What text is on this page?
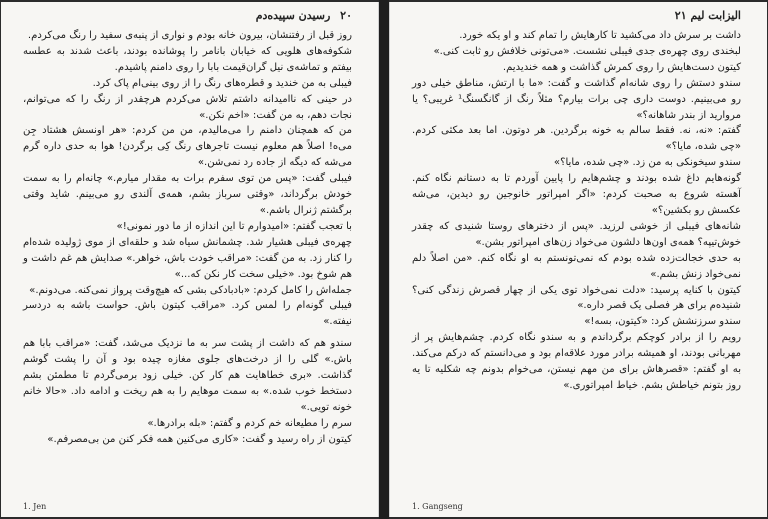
۲۰ رسیدن سپیده‌دم

روز قبل از رفتنشان، بیرون خانه بودم و نواری از پنبه‌ی سفید را رنگ می‌کردم.

شکوفه‌های هلویی که خیابان بانامر را پوشانده بودند، باعث شدند به عطسه بیفتم و تماشه‌ی نیل گران‌قیمت بابا را روی دامنم پاشیدم.

فیبلی به من خندید و قطره‌های رنگ را از روی بینی‌ام پاک کرد.

در حینی که ناامیدانه داشتم تلاش می‌کردم هرچقدر از رنگ را که می‌توانم، نجات دهم، به من گفت: «اخم نکن.»

من که همچنان دامنم را می‌مالیدم، من من کردم: «هر اونسش هشتاد جِن می‌ه! اصلاً هم معلوم نیست تاجرهای رنگ کِی برگردن! هوا به حدی داره گرم می‌شه که دیگه از جاده رد نمی‌شن.»

فیبلی گفت: «پس من توی سفرم برات به مقدار میارم.» چانه‌ام را به سمت خودش برگرداند، «وقتی سرباز بشم، همه‌ی آلندی رو می‌بینم. شاید وقتی برگشتم ژنرال باشم.»

با تعجب گفتم: «امیدوارم تا این اندازه از ما دور نمونی!»

چهره‌ی فیبلی هشیار شد. چشمانش سیاه شد و حلقه‌ای از موی ژولیده شده‌ام را کنار زد. به من گفت: «مراقب خودت باش، خواهر.» صدایش هم غم داشت و هم شوخ بود. «خیلی سخت کار نکن که...»

جمله‌اش را کامل کردم: «بادبادکی بشی که هیچ‌وقت پرواز نمی‌کنه. می‌دونم.»

فیبلی گونه‌ام را لمس کرد. «مراقب کیتون باش. حواست باشه به دردسر نیفته.»

سندو هم که داشت از پشت سر به ما نزدیک می‌شد، گفت: «مراقب بابا هم باش.» گلی را از درخت‌های جلوی مغازه چیده بود و آن را پشت گوشم گذاشت. «بری خطاهایت هم کار کن. خیلی زود برمی‌گردم تا مطمئن بشم دستخط خوب شده.» به سمت موهایم را به هم ریخت و ادامه داد. «حالا خانم خونه تویی.»

سرم را مطیعانه خم کردم و گفتم: «بله برادرها.»

کیتون از راه رسید و گفت: «کاری می‌کنین همه فکر کنن من بی‌مصرفم.»

1. Jen
الیزابت لیم ۲۱

داشت بر سرش داد می‌کشید تا کارهایش را تمام کند و او یکه خورد.

لبخندی روی چهره‌ی جدی فیبلی نشست. «می‌تونی خلافش رو ثابت کنی.»

کیتون دست‌هایش را روی کمرش گذاشت و همه خندیدیم.

سندو دستش را روی شانه‌ام گذاشت و گفت: «ما با ارتش، مناطق خیلی دور رو می‌بینیم. دوست داری چی برات بیارم؟ مثلاً رنگ از گانگسنگ¹ غریبی؟ یا مروارید از بندر شاهانه؟»

گفتم: «نه، نه. فقط سالم به خونه برگردین. هر دوتون. اما بعد مکثی کردم. «چی شده، مایا؟»

سندو سیخونکی به من زد. «چی شده، مایا؟»

گونه‌هایم داغ شده بودند و چشم‌هایم را پایین آوردم تا به دستانم نگاه کنم. آهسته شروع به صحبت کردم: «اگر امپراتور خانوجین رو دیدین، می‌شه عکسش رو بکشین؟»

شانه‌های فیبلی از خوشی لرزید. «پس از دخترهای روستا شنیدی که چقدر خوش‌تیپه؟ همه‌ی اون‌ها دلشون می‌خواد زن‌های امپراتور بشن.»

به حدی خجالت‌زده شده بودم که نمی‌تونستم به او نگاه کنم. «من اصلاً دلم نمی‌خواد زنش بشم.»

کیتون با کنایه پرسید: «دلت نمی‌خواد توی یکی از چهار قصرش زندگی کنی؟ شنیده‌م برای هر فصلی یک قصر داره.»

سندو سرزنشش کرد: «کیتون، بسه!»

رویم را از برادر کوچکم برگرداندم و به سندو نگاه کردم. چشم‌هایش پر از مهربانی بودند، او همیشه برادر مورد علاقه‌ام بود و می‌دانستم که درکم می‌کند. به او گفتم: «قصرهاش برای من مهم نیستن، می‌خوام بدونم چه شکلیه تا یه روز بتونم خیاطش بشم. خیاط امپراتوری.»

1. Gangseng
